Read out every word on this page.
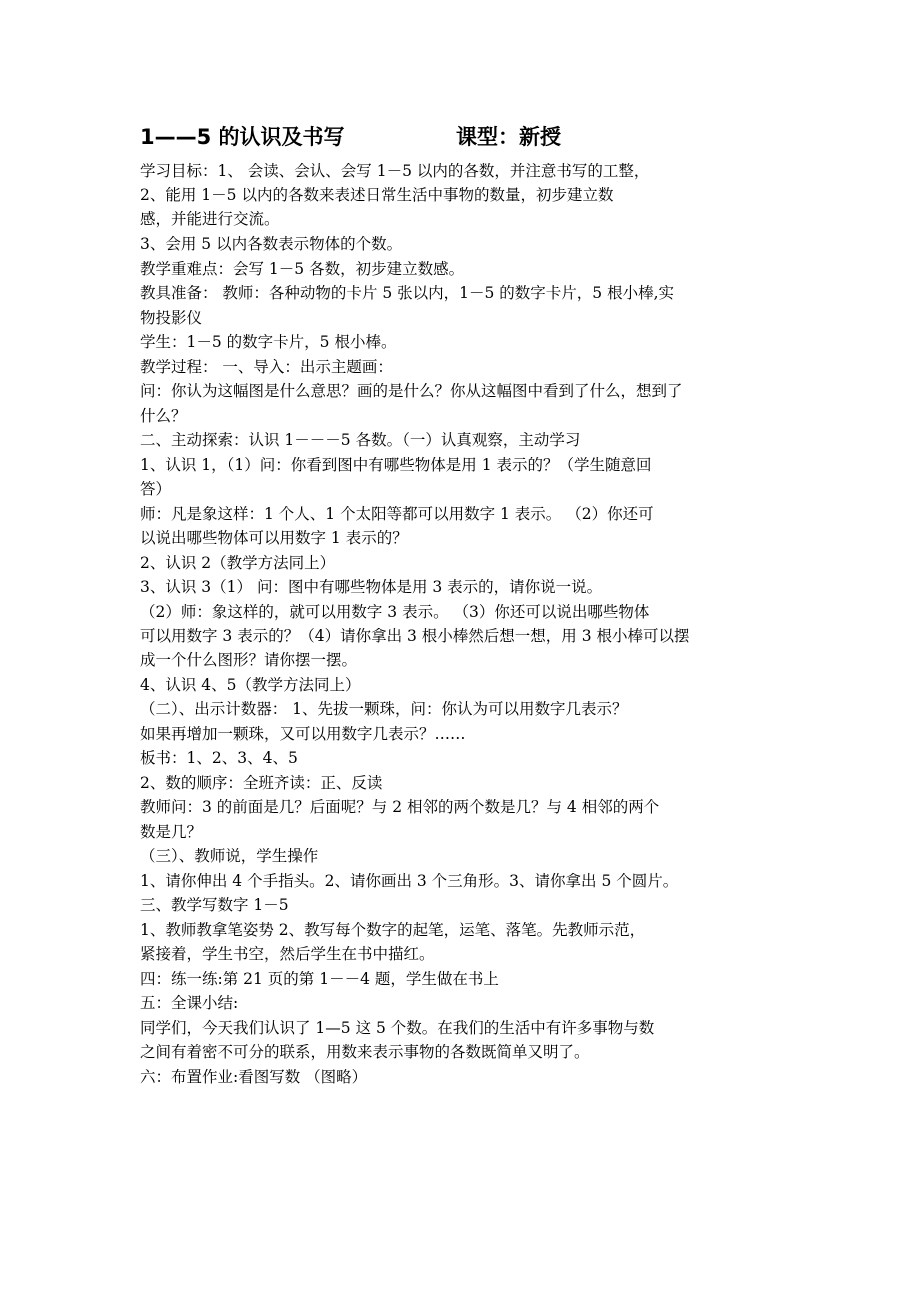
1——5 的认识及书写	课型：新授
学习目标：1、 会读、会认、会写 1－5 以内的各数，并注意书写的工整，
2、能用 1－5 以内的各数来表述日常生活中事物的数量，初步建立数
感，并能进行交流。
3、会用 5 以内各数表示物体的个数。
教学重难点：会写 1－5 各数，初步建立数感。
教具准备： 教师：各种动物的卡片 5 张以内，1－5 的数字卡片，5 根小棒,实
物投影仪
学生：1－5 的数字卡片，5 根小棒。
教学过程： 一、导入：出示主题画：
问：你认为这幅图是什么意思？画的是什么？你从这幅图中看到了什么，想到了
什么？
二、主动探索：认识 1－－－5 各数。（一）认真观察，主动学习
1、认识 1，（1）问：你看到图中有哪些物体是用 1 表示的？（学生随意回
答）
师：凡是象这样：1 个人、1 个太阳等都可以用数字 1 表示。 （2）你还可
以说出哪些物体可以用数字 1 表示的？
2、认识 2（教学方法同上）
3、认识 3（1） 问：图中有哪些物体是用 3 表示的，请你说一说。
（2）师：象这样的，就可以用数字 3 表示。 （3）你还可以说出哪些物体
可以用数字 3 表示的？（4）请你拿出 3 根小棒然后想一想，用 3 根小棒可以摆
成一个什么图形？请你摆一摆。
4、认识 4、5（教学方法同上）
（二）、出示计数器： 1、先拔一颗珠，问：你认为可以用数字几表示？
如果再增加一颗珠，又可以用数字几表示？……
板书：1、2、3、4、5
2、数的顺序：全班齐读：正、反读
教师问：3 的前面是几？后面呢？与 2 相邻的两个数是几？与 4 相邻的两个
数是几？
（三）、教师说，学生操作
1、请你伸出 4 个手指头。2、请你画出 3 个三角形。3、请你拿出 5 个圆片。
三、教学写数字 1－5
1、教师教拿笔姿势 2、教写每个数字的起笔，运笔、落笔。先教师示范，
紧接着，学生书空，然后学生在书中描红。
四：练一练:第 21 页的第 1－－4 题，学生做在书上
五：全课小结:
同学们，今天我们认识了 1—5 这 5 个数。在我们的生活中有许多事物与数
之间有着密不可分的联系，用数来表示事物的各数既简单又明了。
六：布置作业:看图写数 （图略）
